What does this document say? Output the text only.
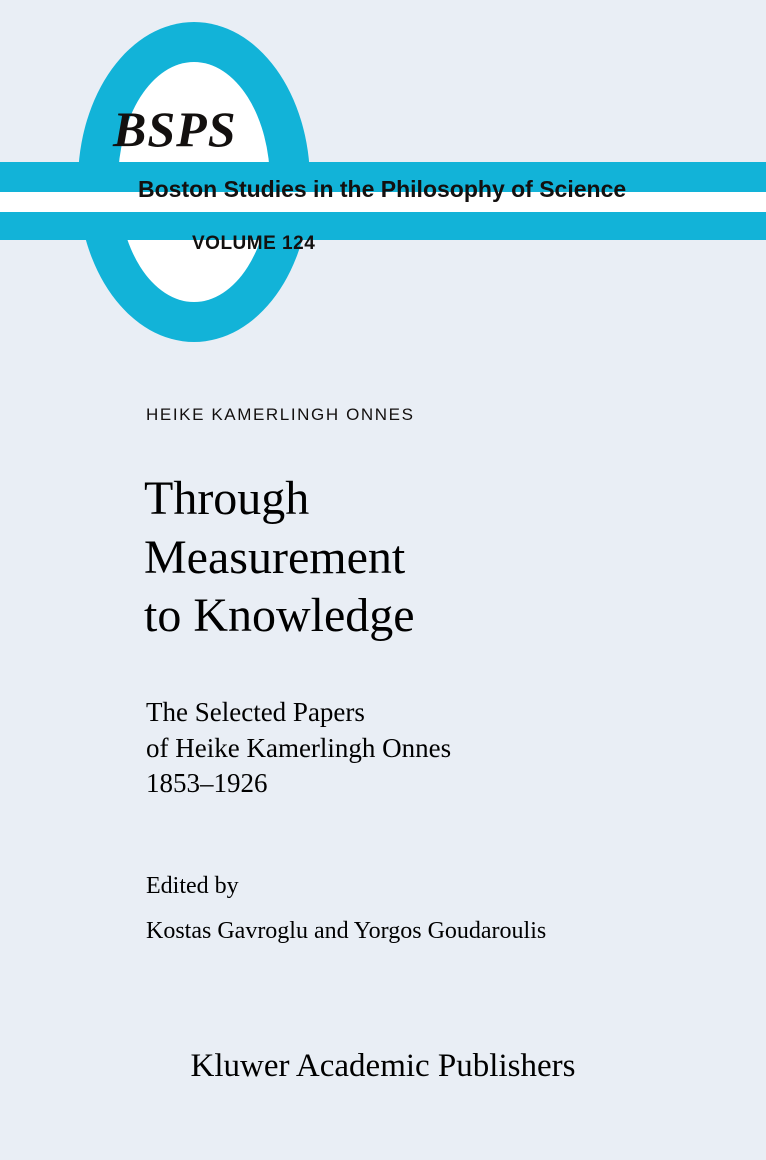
BSPS
Boston Studies in the Philosophy of Science
VOLUME 124
HEIKE KAMERLINGH ONNES
Through
Measurement
to Knowledge
The Selected Papers
of Heike Kamerlingh Onnes
1853–1926
Edited by
Kostas Gavroglu and Yorgos Goudaroulis
Kluwer Academic Publishers
